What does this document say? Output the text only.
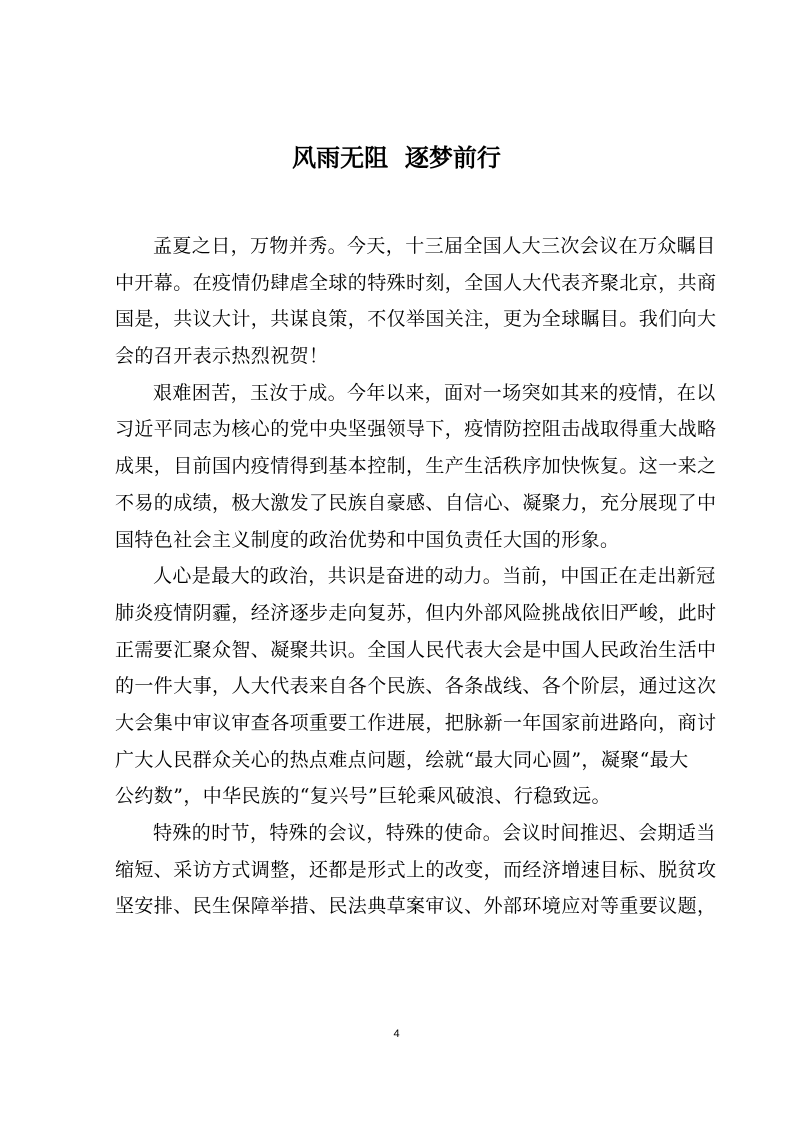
风雨无阻  逐梦前行
孟夏之日，万物并秀。今天，十三届全国人大三次会议在万众瞩目
中开幕。在疫情仍肆虐全球的特殊时刻，全国人大代表齐聚北京，共商
国是，共议大计，共谋良策，不仅举国关注，更为全球瞩目。我们向大
会的召开表示热烈祝贺！
艰难困苦，玉汝于成。今年以来，面对一场突如其来的疫情，在以
习近平同志为核心的党中央坚强领导下，疫情防控阻击战取得重大战略
成果，目前国内疫情得到基本控制，生产生活秩序加快恢复。这一来之
不易的成绩，极大激发了民族自豪感、自信心、凝聚力，充分展现了中
国特色社会主义制度的政治优势和中国负责任大国的形象。
人心是最大的政治，共识是奋进的动力。当前，中国正在走出新冠
肺炎疫情阴霾，经济逐步走向复苏，但内外部风险挑战依旧严峻，此时
正需要汇聚众智、凝聚共识。全国人民代表大会是中国人民政治生活中
的一件大事，人大代表来自各个民族、各条战线、各个阶层，通过这次
大会集中审议审查各项重要工作进展，把脉新一年国家前进路向，商讨
广大人民群众关心的热点难点问题，绘就“最大同心圆”，凝聚“最大
公约数”，中华民族的“复兴号”巨轮乘风破浪、行稳致远。
特殊的时节，特殊的会议，特殊的使命。会议时间推迟、会期适当
缩短、采访方式调整，还都是形式上的改变，而经济增速目标、脱贫攻
坚安排、民生保障举措、民法典草案审议、外部环境应对等重要议题，
4
